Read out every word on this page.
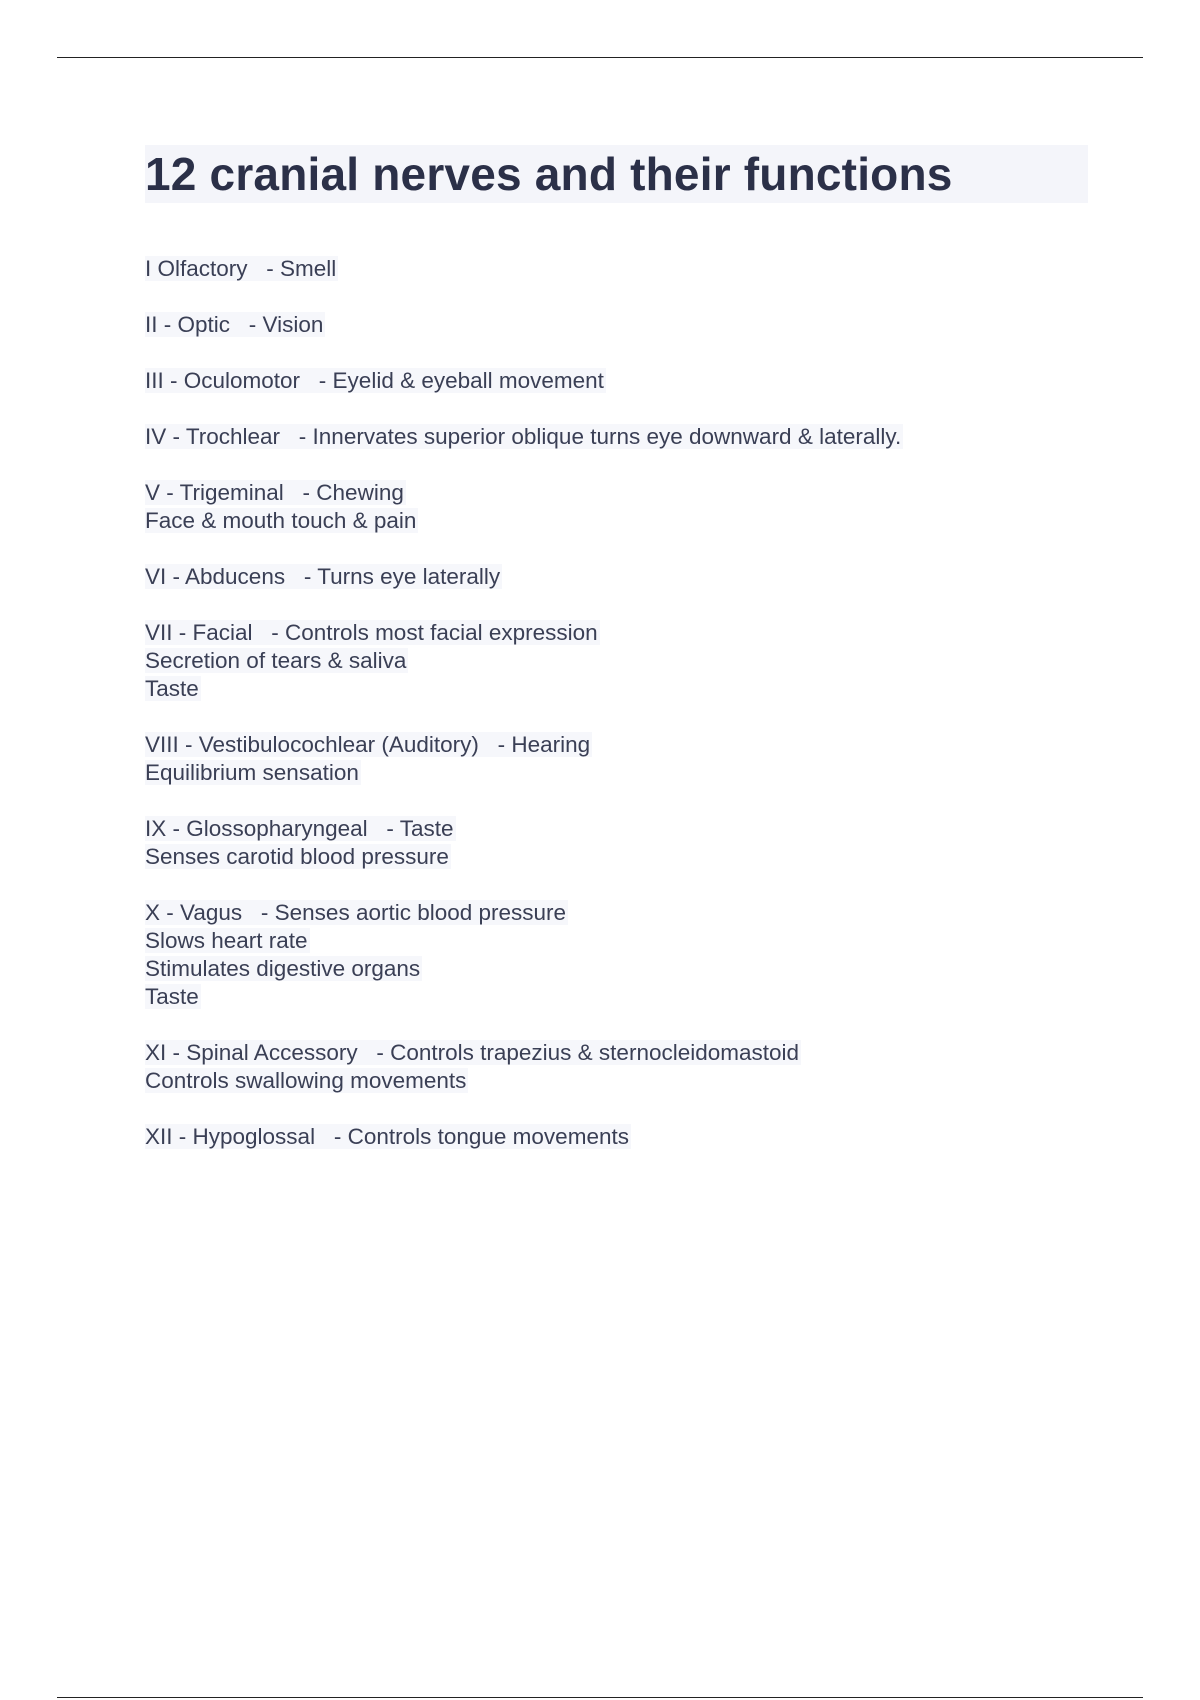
12 cranial nerves and their functions
I Olfactory   - Smell
II - Optic   - Vision
III - Oculomotor   - Eyelid & eyeball movement
IV - Trochlear   - Innervates superior oblique turns eye downward & laterally.
V - Trigeminal   - Chewing
Face & mouth touch & pain
VI - Abducens   - Turns eye laterally
VII - Facial   - Controls most facial expression
Secretion of tears & saliva
Taste
VIII - Vestibulocochlear (Auditory)   - Hearing
Equilibrium sensation
IX - Glossopharyngeal   - Taste
Senses carotid blood pressure
X - Vagus   - Senses aortic blood pressure
Slows heart rate
Stimulates digestive organs
Taste
XI - Spinal Accessory   - Controls trapezius & sternocleidomastoid
Controls swallowing movements
XII - Hypoglossal   - Controls tongue movements
